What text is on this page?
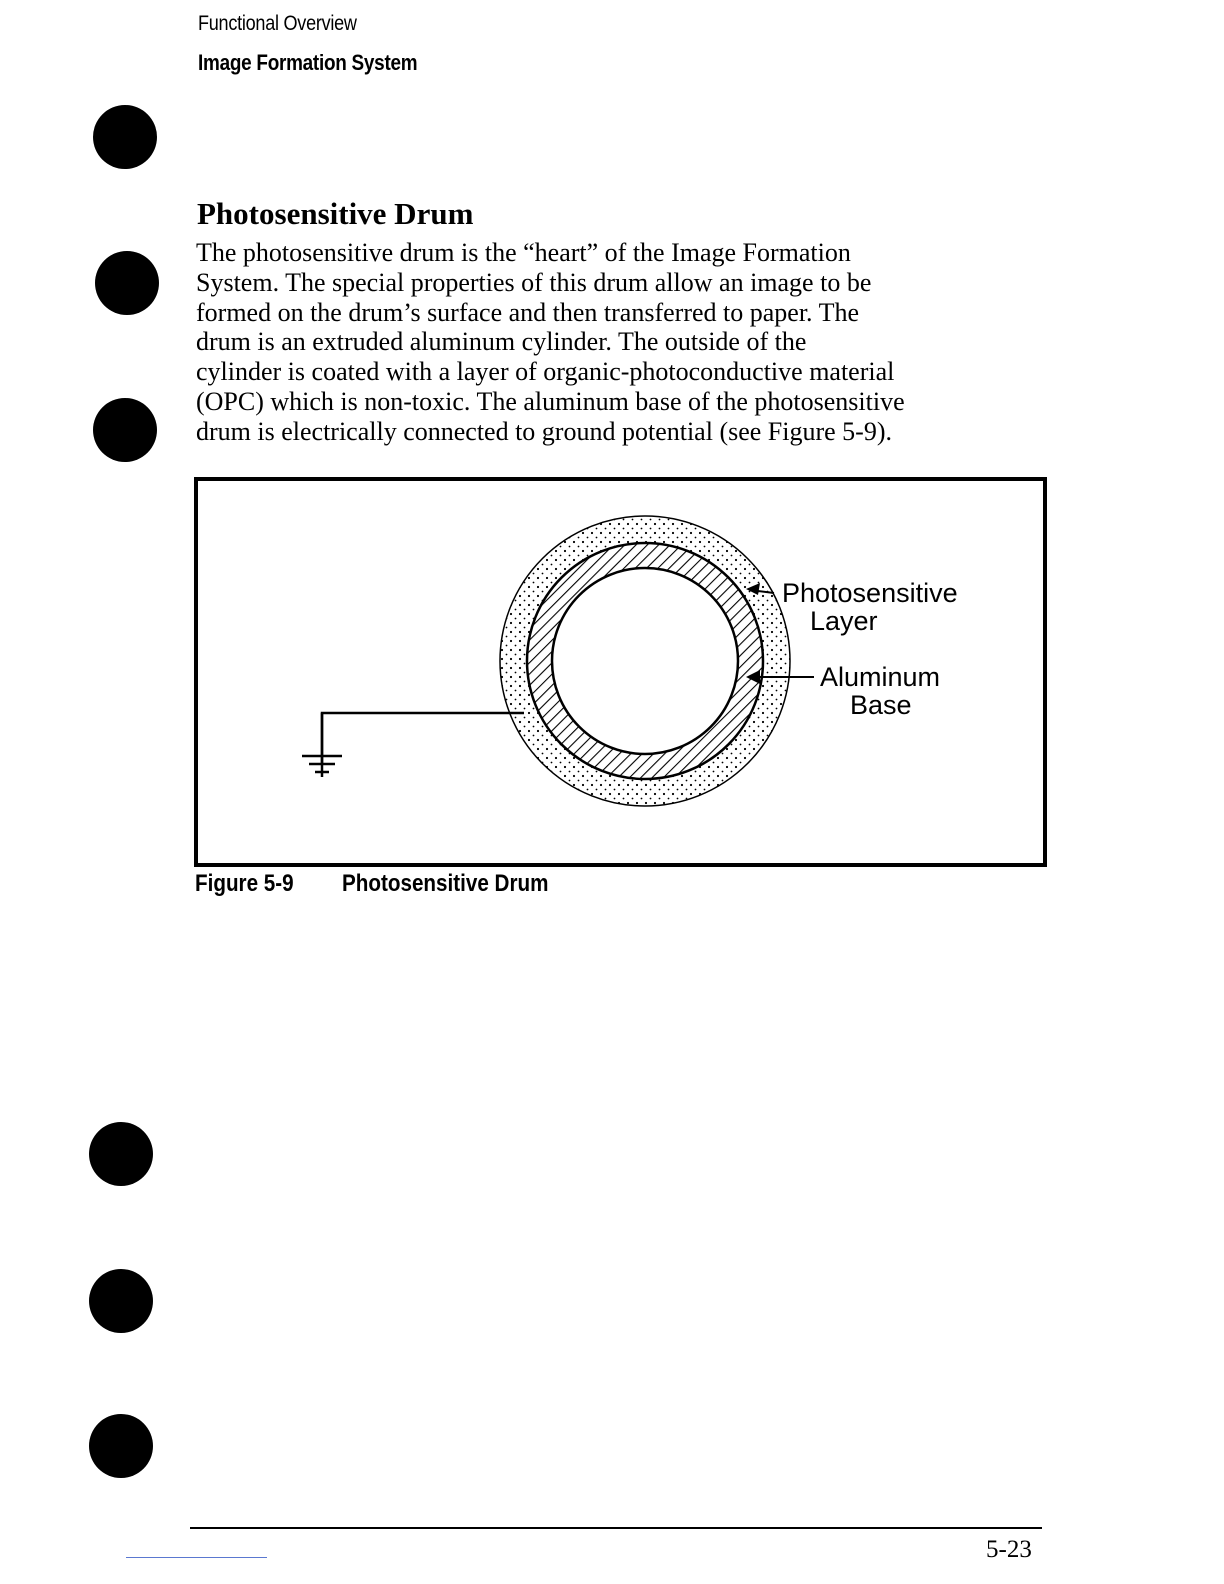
Functional Overview
Image Formation System
Photosensitive Drum
The photosensitive drum is the “heart” of the Image Formation
System. The special properties of this drum allow an image to be
formed on the drum’s surface and then transferred to paper. The
drum is an extruded aluminum cylinder. The outside of the
cylinder is coated with a layer of organic-photoconductive material
(OPC) which is non-toxic. The aluminum base of the photosensitive
drum is electrically connected to ground potential (see Figure 5-9).
Photosensitive
Layer
Aluminum
Base
Figure 5-9 Photosensitive Drum
5-23
